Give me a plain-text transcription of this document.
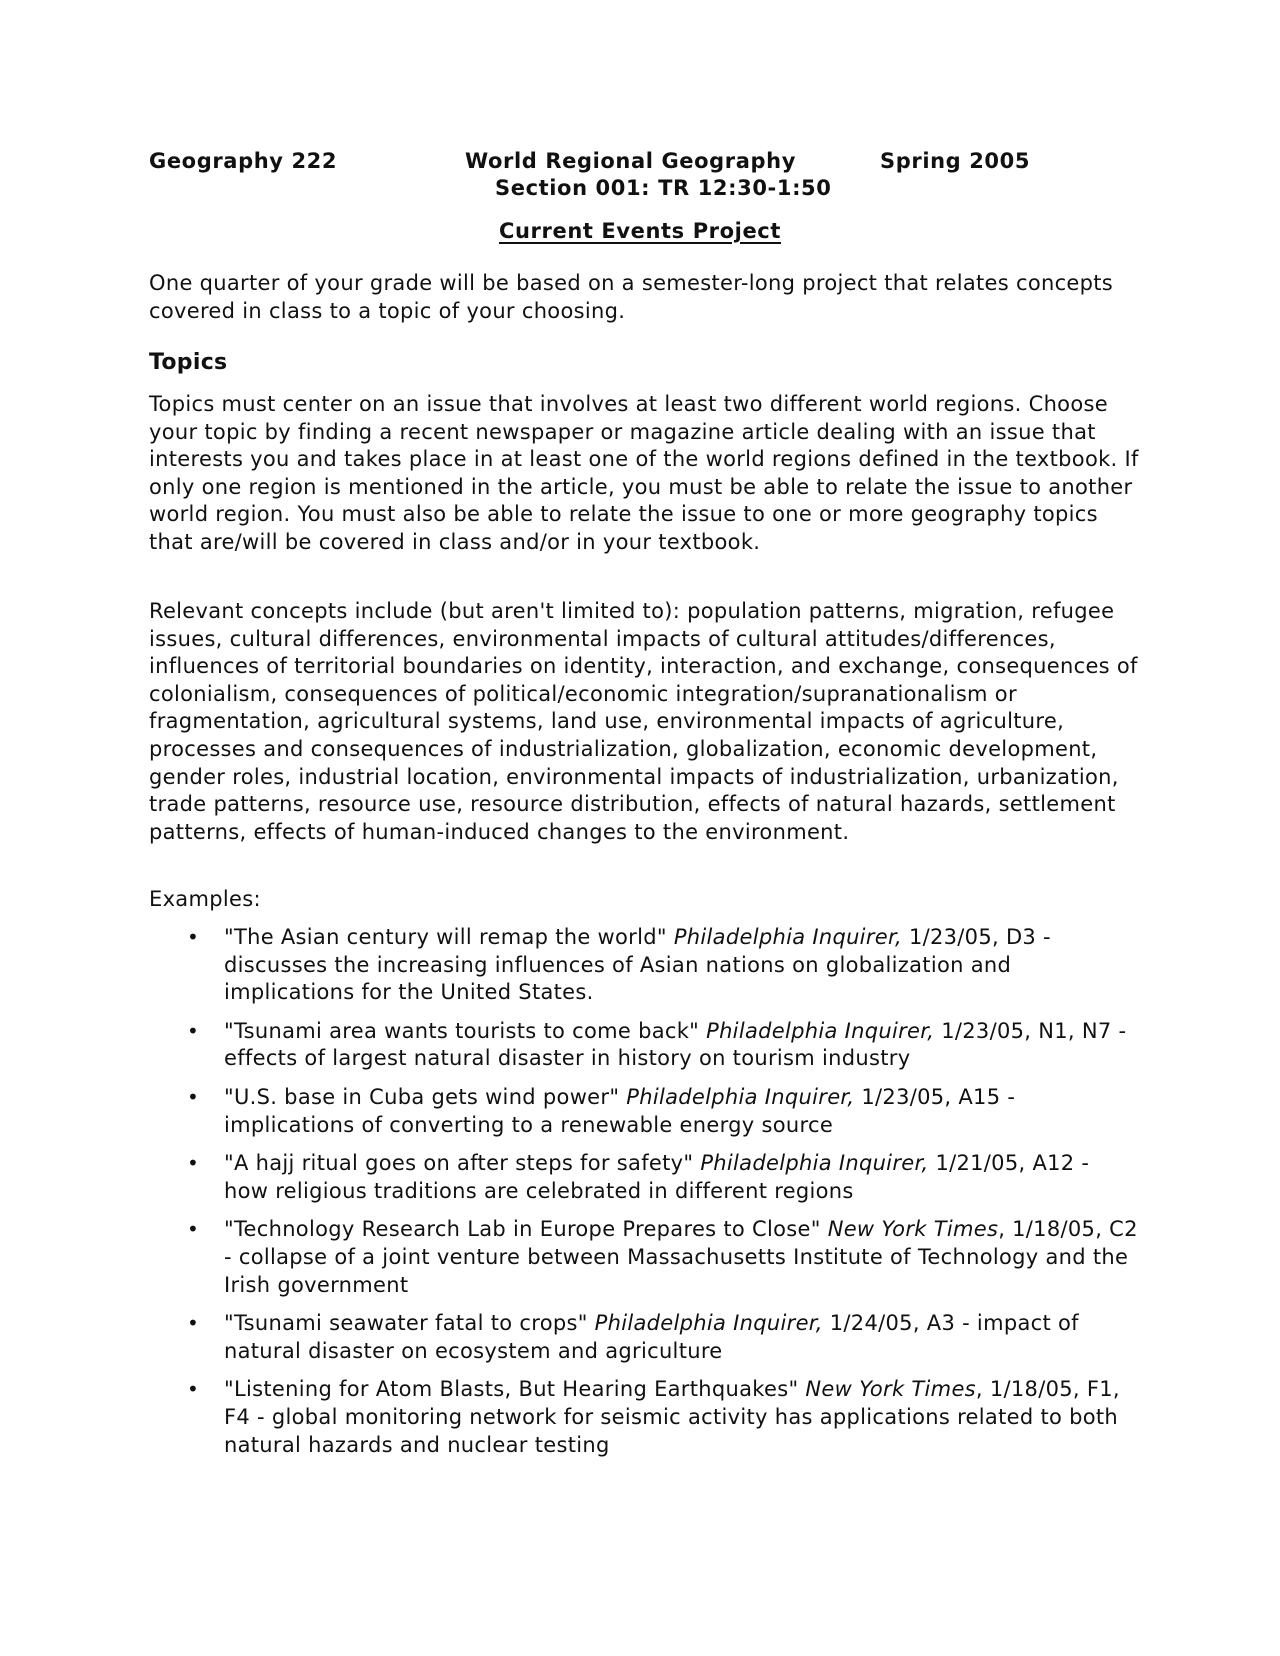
Geography 222	World Regional Geography	Spring 2005
Section 001: TR 12:30-1:50
Current Events Project

One quarter of your grade will be based on a semester-long project that relates concepts covered in class to a topic of your choosing.

Topics

Topics must center on an issue that involves at least two different world regions. Choose your topic by finding a recent newspaper or magazine article dealing with an issue that interests you and takes place in at least one of the world regions defined in the textbook. If only one region is mentioned in the article, you must be able to relate the issue to another world region. You must also be able to relate the issue to one or more geography topics that are/will be covered in class and/or in your textbook.

Relevant concepts include (but aren't limited to): population patterns, migration, refugee issues, cultural differences, environmental impacts of cultural attitudes/differences, influences of territorial boundaries on identity, interaction, and exchange, consequences of colonialism, consequences of political/economic integration/supranationalism or fragmentation, agricultural systems, land use, environmental impacts of agriculture, processes and consequences of industrialization, globalization, economic development, gender roles, industrial location, environmental impacts of industrialization, urbanization, trade patterns, resource use, resource distribution, effects of natural hazards, settlement patterns, effects of human-induced changes to the environment.

Examples:

• "The Asian century will remap the world" Philadelphia Inquirer, 1/23/05, D3 - discusses the increasing influences of Asian nations on globalization and implications for the United States.
• "Tsunami area wants tourists to come back" Philadelphia Inquirer, 1/23/05, N1, N7 - effects of largest natural disaster in history on tourism industry
• "U.S. base in Cuba gets wind power" Philadelphia Inquirer, 1/23/05, A15 - implications of converting to a renewable energy source
• "A hajj ritual goes on after steps for safety" Philadelphia Inquirer, 1/21/05, A12 - how religious traditions are celebrated in different regions
• "Technology Research Lab in Europe Prepares to Close" New York Times, 1/18/05, C2 - collapse of a joint venture between Massachusetts Institute of Technology and the Irish government
• "Tsunami seawater fatal to crops" Philadelphia Inquirer, 1/24/05, A3 - impact of natural disaster on ecosystem and agriculture
• "Listening for Atom Blasts, But Hearing Earthquakes" New York Times, 1/18/05, F1, F4 - global monitoring network for seismic activity has applications related to both natural hazards and nuclear testing
